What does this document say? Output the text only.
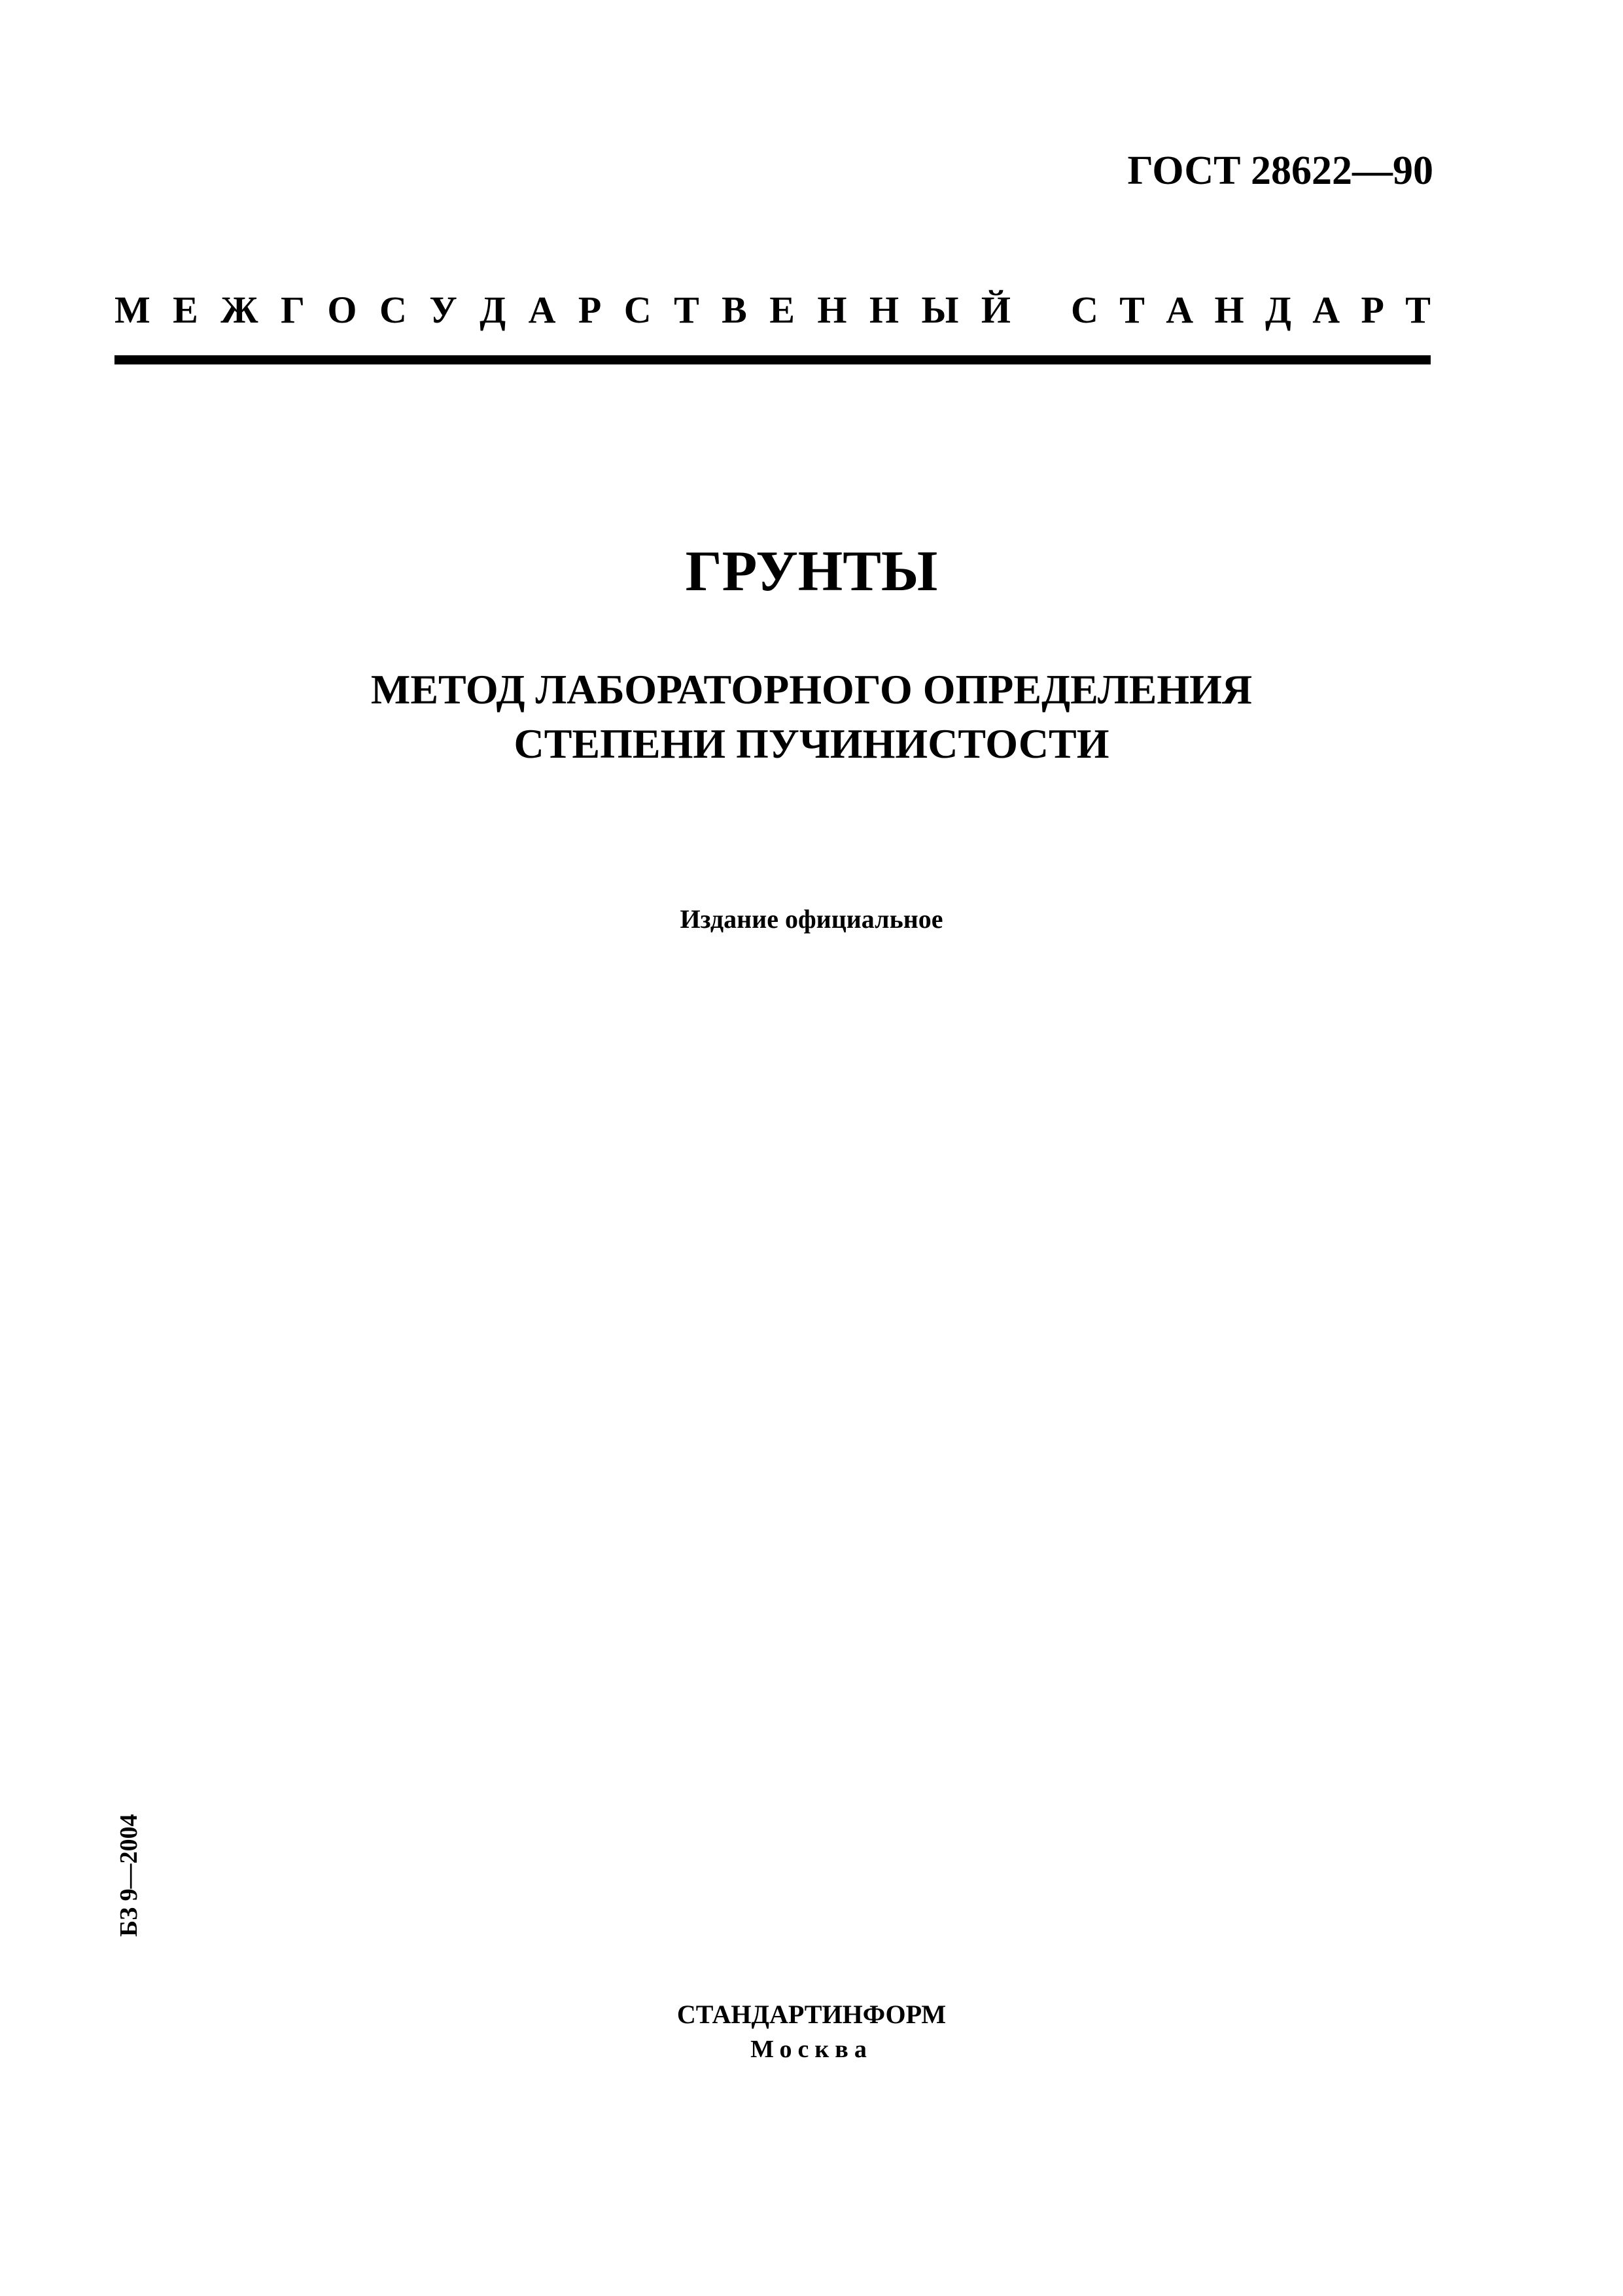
ГОСТ 28622—90
М Е Ж Г О С У Д А Р С Т В Е Н Н Ы Й С Т А Н Д А Р Т
ГРУНТЫ
МЕТОД ЛАБОРАТОРНОГО ОПРЕДЕЛЕНИЯ
СТЕПЕНИ ПУЧИНИСТОСТИ
Издание официальное
БЗ 9—2004
СТАНДАРТИНФОРМ
Москва
